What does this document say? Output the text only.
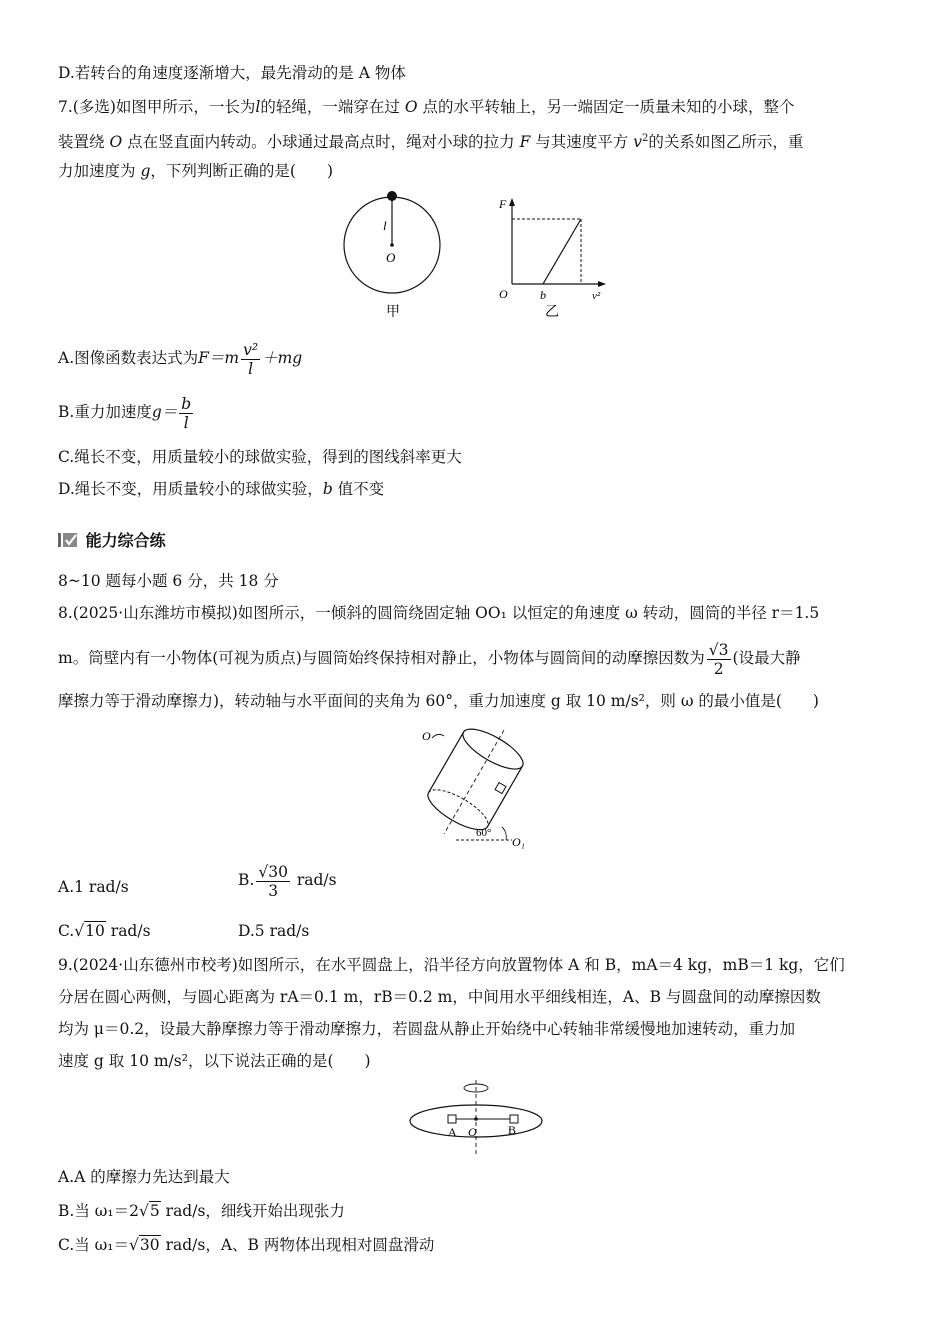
D.若转台的角速度逐渐增大，最先滑动的是 A 物体
7.(多选)如图甲所示，一长为l的轻绳，一端穿在过 O 点的水平转轴上，另一端固定一质量未知的小球，整个
装置绕 O 点在竖直面内转动。小球通过最高点时，绳对小球的拉力 F 与其速度平方 $v^2$的关系如图乙所示，重
力加速度为 g，下列判断正确的是(　　)
l
O
甲
F
O	b	v²
乙
A.图像函数表达式为$F=m \frac{\text{v²}}{l} +mg$
B.重力加速度$g= \frac{b}{l}$
C.绳长不变，用质量较小的球做实验，得到的图线斜率更大
D.绳长不变，用质量较小的球做实验，b 值不变
能力综合练
8~10 题每小题 6 分，共 18 分
8.(2025·山东潍坊市模拟)如图所示，一倾斜的圆筒绕固定轴 OO₁ 以恒定的角速度 ω 转动，圆筒的半径 r＝1.5
m。筒壁内有一小物体(可视为质点)与圆筒始终保持相对静止，小物体与圆筒间的动摩擦因数为 $\frac{√3}{2}$ (设最大静
摩擦力等于滑动摩擦力)，转动轴与水平面间的夹角为 60°，重力加速度 g 取 10 m/s²，则 ω 的最小值是(　　)
O
O₁
60°
A.1 rad/s	B. $\frac{√30}{3} rad/s$
C.√10 rad/s	D.5 rad/s
9.(2024·山东德州市校考)如图所示，在水平圆盘上，沿半径方向放置物体 A 和 B，mA＝4 kg，mB＝1 kg，它们
分居在圆心两侧，与圆心距离为 rA＝0.1 m，rB＝0.2 m，中间用水平细线相连，A、B 与圆盘间的动摩擦因数
均为 μ＝0.2，设最大静摩擦力等于滑动摩擦力，若圆盘从静止开始绕中心转轴非常缓慢地加速转动，重力加
速度 g 取 10 m/s²，以下说法正确的是(　　)
A O	B
A.A 的摩擦力先达到最大
B.当 ω₁＝2√5 rad/s，细线开始出现张力
C.当 ω₁＝√30 rad/s，A、B 两物体出现相对圆盘滑动
